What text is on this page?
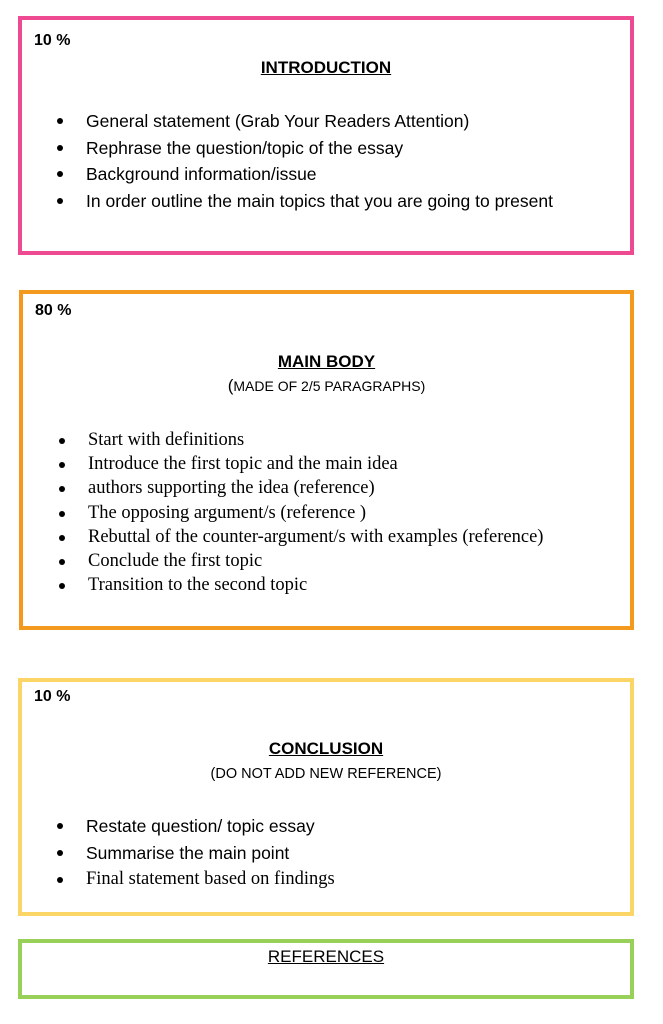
10 %
INTRODUCTION
General statement (Grab Your Readers Attention)
Rephrase the question/topic of the essay
Background information/issue
In order outline the main topics that you are going to present
80 %
MAIN BODY
(MADE OF 2/5 PARAGRAPHS)
Start with definitions
Introduce the first topic and the main idea
authors supporting the idea (reference)
The opposing argument/s (reference )
Rebuttal of the counter-argument/s with examples (reference)
Conclude the first topic
Transition to the second topic
10 %
CONCLUSION
(DO NOT ADD NEW REFERENCE)
Restate question/ topic essay
Summarise the main point
Final statement based on findings
REFERENCES
